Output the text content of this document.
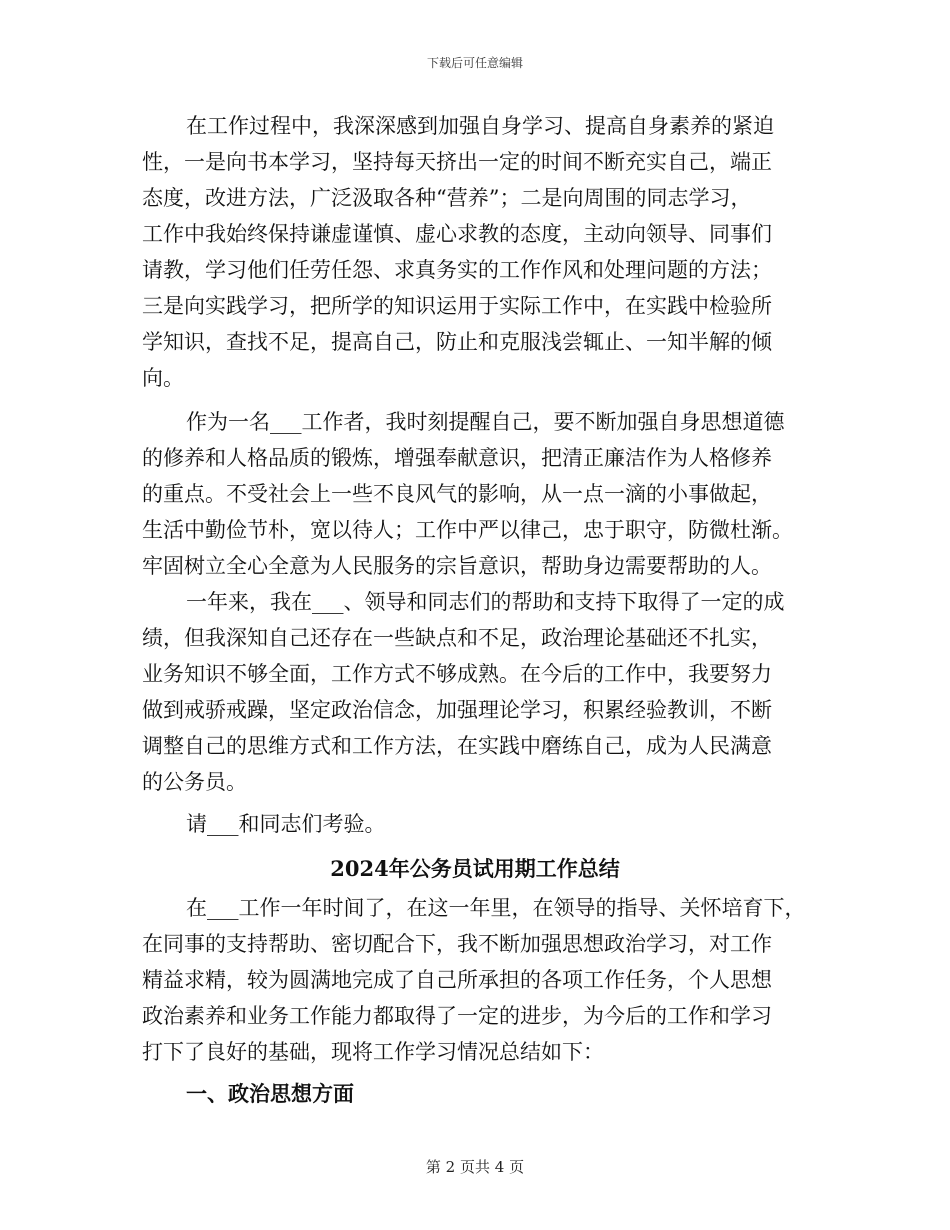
下载后可任意编辑
在工作过程中，我深深感到加强自身学习、提高自身素养的紧迫
性，一是向书本学习，坚持每天挤出一定的时间不断充实自己，端正
态度，改进方法，广泛汲取各种“营养”；二是向周围的同志学习，
工作中我始终保持谦虚谨慎、虚心求教的态度，主动向领导、同事们
请教，学习他们任劳任怨、求真务实的工作作风和处理问题的方法；
三是向实践学习，把所学的知识运用于实际工作中，在实践中检验所
学知识，查找不足，提高自己，防止和克服浅尝辄止、一知半解的倾
向。
作为一名___工作者，我时刻提醒自己，要不断加强自身思想道德
的修养和人格品质的锻炼，增强奉献意识，把清正廉洁作为人格修养
的重点。不受社会上一些不良风气的影响，从一点一滴的小事做起，
生活中勤俭节朴，宽以待人；工作中严以律己，忠于职守，防微杜渐。
牢固树立全心全意为人民服务的宗旨意识，帮助身边需要帮助的人。
一年来，我在___、领导和同志们的帮助和支持下取得了一定的成
绩，但我深知自己还存在一些缺点和不足，政治理论基础还不扎实，
业务知识不够全面，工作方式不够成熟。在今后的工作中，我要努力
做到戒骄戒躁，坚定政治信念，加强理论学习，积累经验教训，不断
调整自己的思维方式和工作方法，在实践中磨练自己，成为人民满意
的公务员。
请___和同志们考验。
2024年公务员试用期工作总结
在___工作一年时间了，在这一年里，在领导的指导、关怀培育下，
在同事的支持帮助、密切配合下，我不断加强思想政治学习，对工作
精益求精，较为圆满地完成了自己所承担的各项工作任务，个人思想
政治素养和业务工作能力都取得了一定的进步，为今后的工作和学习
打下了良好的基础，现将工作学习情况总结如下：
一、政治思想方面
第 2 页共 4 页
